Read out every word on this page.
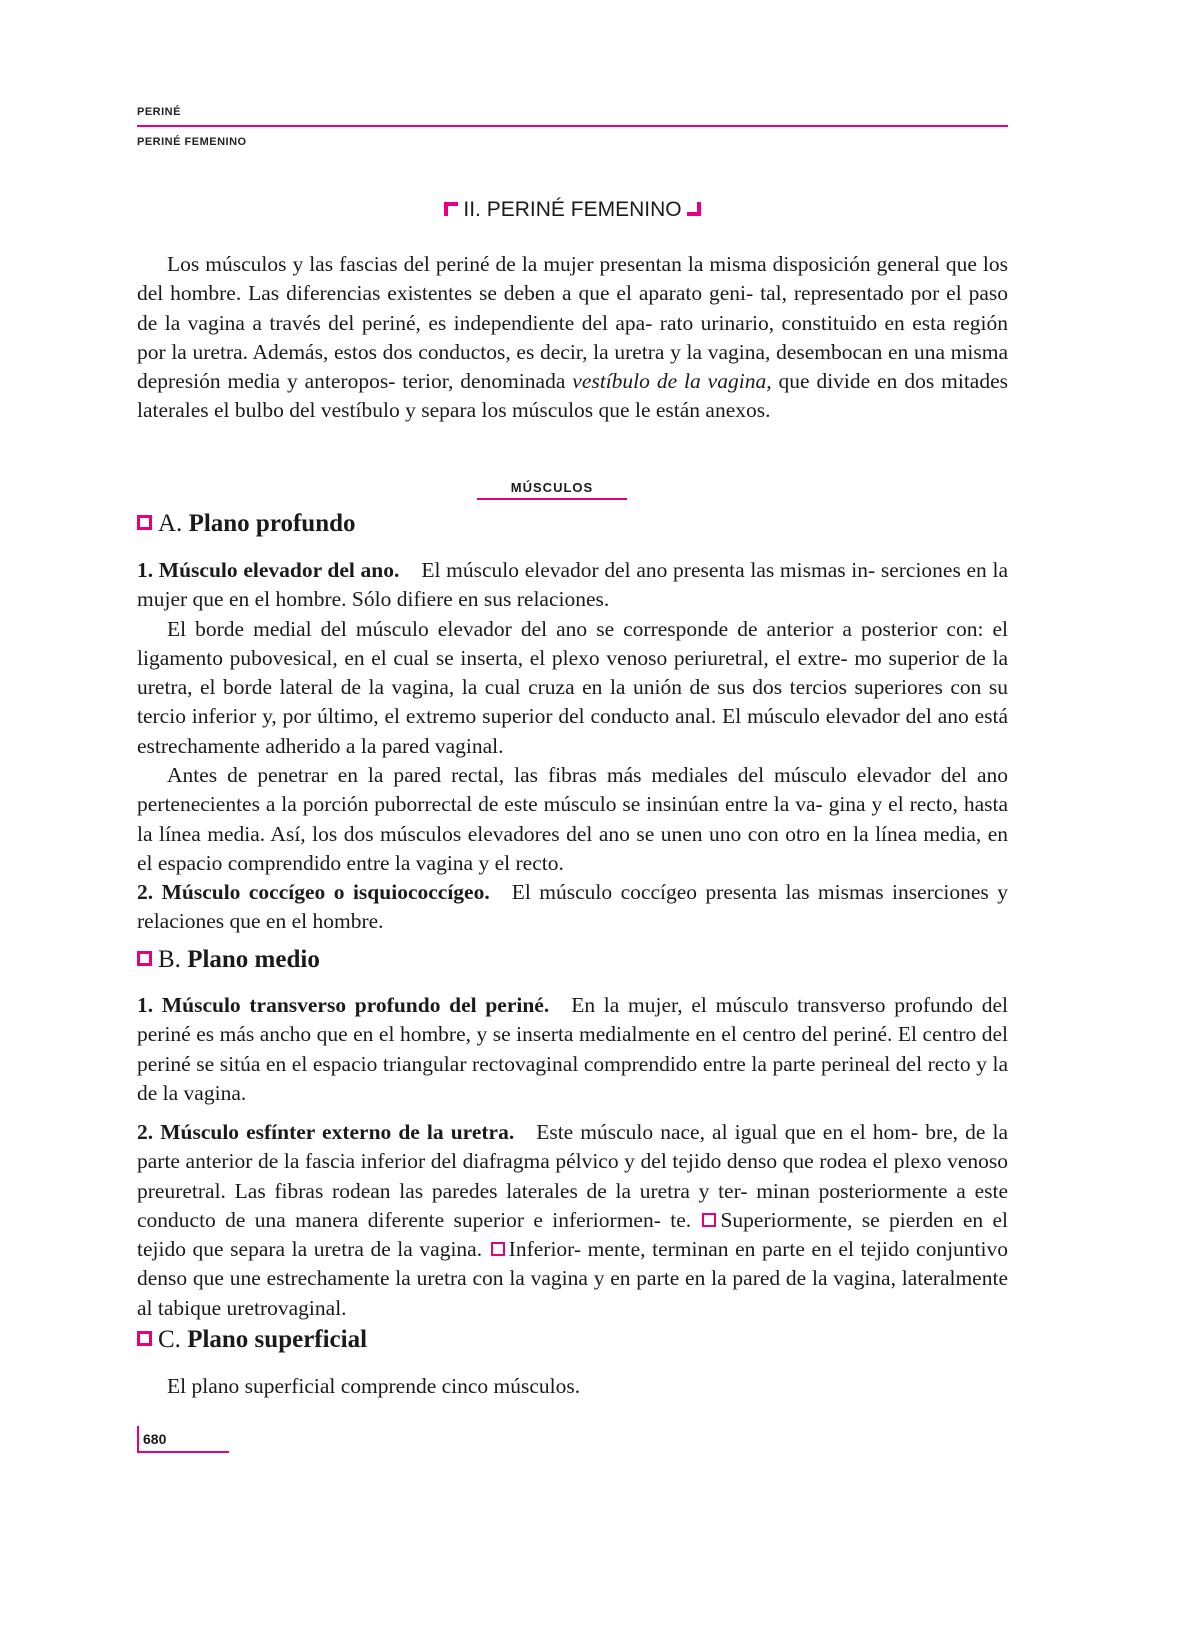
PERINÉ
PERINÉ FEMENINO
II. PERINÉ FEMENINO

Los músculos y las fascias del periné de la mujer presentan la misma disposición general que los del hombre. Las diferencias existentes se deben a que el aparato geni- tal, representado por el paso de la vagina a través del periné, es independiente del apa- rato urinario, constituido en esta región por la uretra. Además, estos dos conductos, es decir, la uretra y la vagina, desembocan en una misma depresión media y anteropos- terior, denominada vestíbulo de la vagina, que divide en dos mitades laterales el bulbo del vestíbulo y separa los músculos que le están anexos.

MÚSCULOS
A. Plano profundo

1. Músculo elevador del ano. El músculo elevador del ano presenta las mismas in- serciones en la mujer que en el hombre. Sólo difiere en sus relaciones.

El borde medial del músculo elevador del ano se corresponde de anterior a posterior con: el ligamento pubovesical, en el cual se inserta, el plexo venoso periuretral, el extre- mo superior de la uretra, el borde lateral de la vagina, la cual cruza en la unión de sus dos tercios superiores con su tercio inferior y, por último, el extremo superior del conducto anal. El músculo elevador del ano está estrechamente adherido a la pared vaginal.

Antes de penetrar en la pared rectal, las fibras más mediales del músculo elevador del ano pertenecientes a la porción puborrectal de este músculo se insinúan entre la va- gina y el recto, hasta la línea media. Así, los dos músculos elevadores del ano se unen uno con otro en la línea media, en el espacio comprendido entre la vagina y el recto.

2. Músculo coccígeo o isquiococcígeo. El músculo coccígeo presenta las mismas inserciones y relaciones que en el hombre.

B. Plano medio

1. Músculo transverso profundo del periné. En la mujer, el músculo transverso profundo del periné es más ancho que en el hombre, y se inserta medialmente en el centro del periné. El centro del periné se sitúa en el espacio triangular rectovaginal comprendido entre la parte perineal del recto y la de la vagina.

2. Músculo esfínter externo de la uretra. Este músculo nace, al igual que en el hom- bre, de la parte anterior de la fascia inferior del diafragma pélvico y del tejido denso que rodea el plexo venoso preuretral. Las fibras rodean las paredes laterales de la uretra y ter- minan posteriormente a este conducto de una manera diferente superior e inferiormen- te. Superiormente, se pierden en el tejido que separa la uretra de la vagina. Inferior- mente, terminan en parte en el tejido conjuntivo denso que une estrechamente la uretra con la vagina y en parte en la pared de la vagina, lateralmente al tabique uretrovaginal.

C. Plano superficial

El plano superficial comprende cinco músculos.

680
